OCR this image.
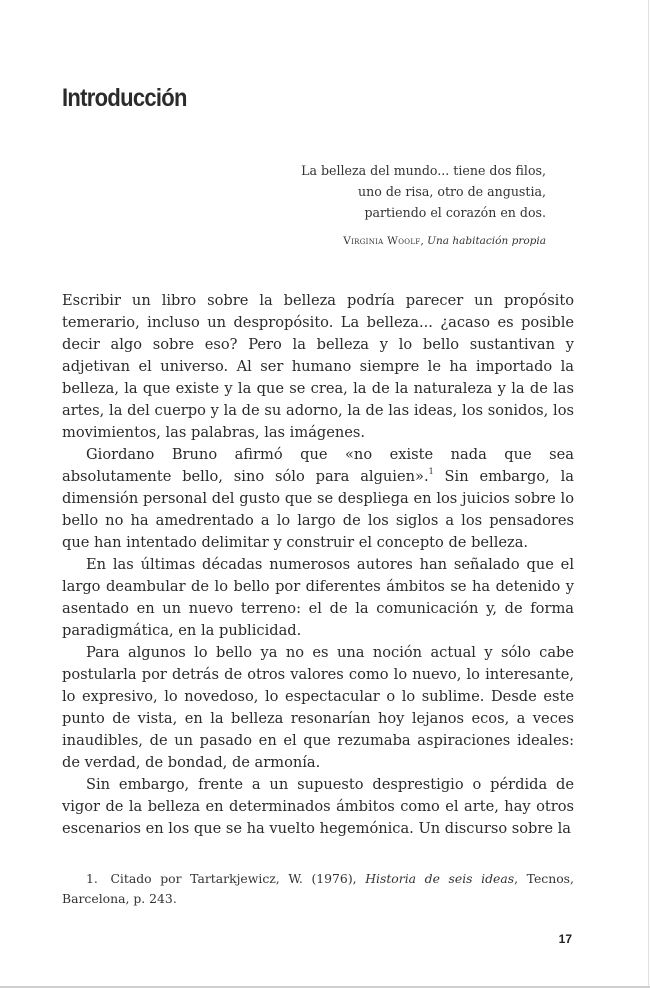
Introducción
La belleza del mundo... tiene dos filos,
uno de risa, otro de angustia,
partiendo el corazón en dos.
Virginia Woolf, Una habitación propia

Escribir un libro sobre la belleza podría parecer un propósito temerario, incluso un despropósito. La belleza... ¿acaso es posible decir algo sobre eso? Pero la belleza y lo bello sustantivan y adjetivan el universo. Al ser humano siempre le ha importado la belleza, la que existe y la que se crea, la de la naturaleza y la de las artes, la del cuerpo y la de su adorno, la de las ideas, los sonidos, los movimientos, las palabras, las imágenes.

Giordano Bruno afirmó que «no existe nada que sea absolutamente bello, sino sólo para alguien».$^1$ Sin embargo, la dimensión personal del gusto que se despliega en los juicios sobre lo bello no ha amedrentado a lo largo de los siglos a los pensadores que han intentado delimitar y construir el concepto de belleza.

En las últimas décadas numerosos autores han señalado que el largo deambular de lo bello por diferentes ámbitos se ha detenido y asentado en un nuevo terreno: el de la comunicación y, de forma paradigmática, en la publicidad.

Para algunos lo bello ya no es una noción actual y sólo cabe postularla por detrás de otros valores como lo nuevo, lo interesante, lo expresivo, lo novedoso, lo espectacular o lo sublime. Desde este punto de vista, en la belleza resonarían hoy lejanos ecos, a veces inaudibles, de un pasado en el que rezumaba aspiraciones ideales: de verdad, de bondad, de armonía.

Sin embargo, frente a un supuesto desprestigio o pérdida de vigor de la belleza en determinados ámbitos como el arte, hay otros escenarios en los que se ha vuelto hegemónica. Un discurso sobre la

1. Citado por Tartarkjewicz, W. (1976), Historia de seis ideas, Tecnos, Barcelona, p. 243.
17
